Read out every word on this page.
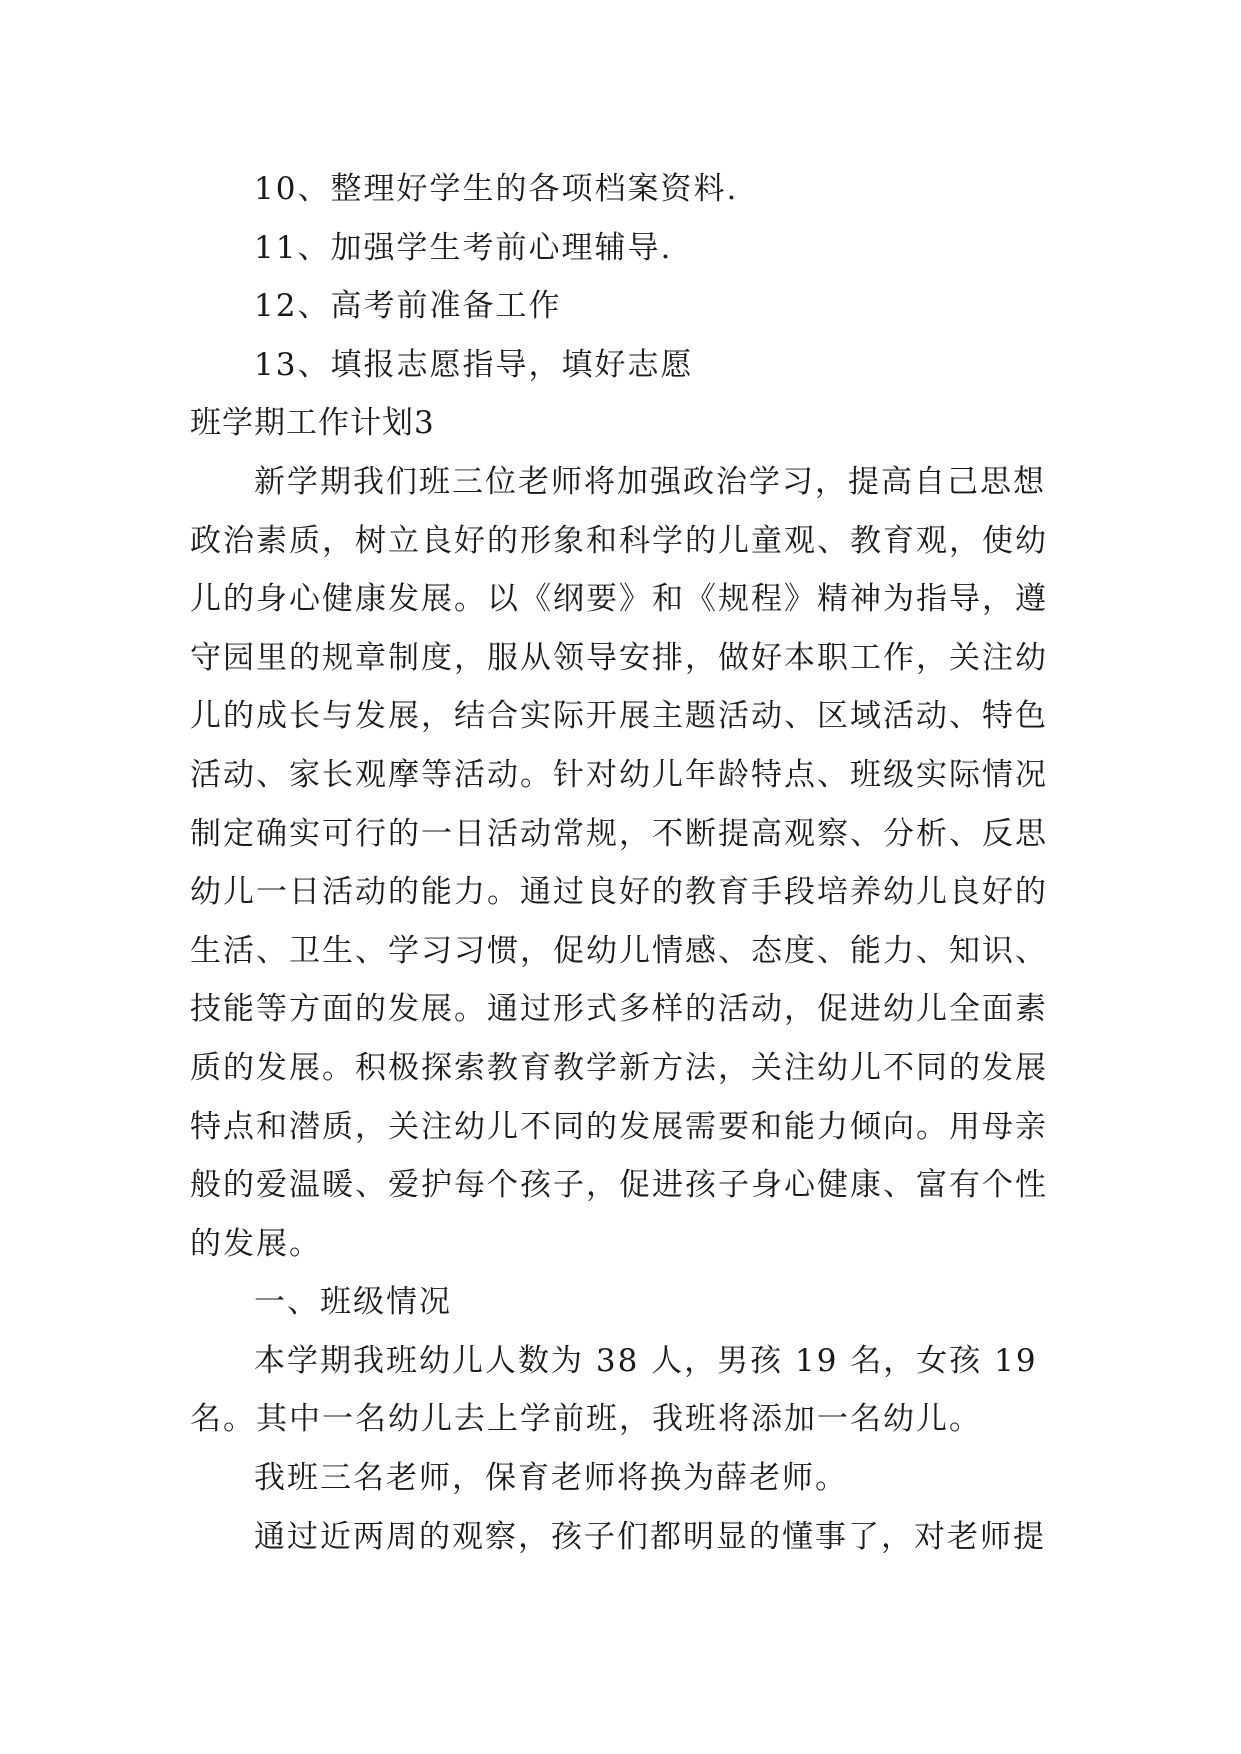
10、整理好学生的各项档案资料.
11、加强学生考前心理辅导.
12、高考前准备工作
13、填报志愿指导，填好志愿
班学期工作计划3
新学期我们班三位老师将加强政治学习，提高自己思想
政治素质，树立良好的形象和科学的儿童观、教育观，使幼
儿的身心健康发展。以《纲要》和《规程》精神为指导，遵
守园里的规章制度，服从领导安排，做好本职工作，关注幼
儿的成长与发展，结合实际开展主题活动、区域活动、特色
活动、家长观摩等活动。针对幼儿年龄特点、班级实际情况
制定确实可行的一日活动常规，不断提高观察、分析、反思
幼儿一日活动的能力。通过良好的教育手段培养幼儿良好的
生活、卫生、学习习惯，促幼儿情感、态度、能力、知识、
技能等方面的发展。通过形式多样的活动，促进幼儿全面素
质的发展。积极探索教育教学新方法，关注幼儿不同的发展
特点和潜质，关注幼儿不同的发展需要和能力倾向。用母亲
般的爱温暖、爱护每个孩子，促进孩子身心健康、富有个性
的发展。
一、班级情况
本学期我班幼儿人数为 38 人，男孩 19 名，女孩 19
名。其中一名幼儿去上学前班，我班将添加一名幼儿。
我班三名老师，保育老师将换为薛老师。
通过近两周的观察，孩子们都明显的懂事了，对老师提
